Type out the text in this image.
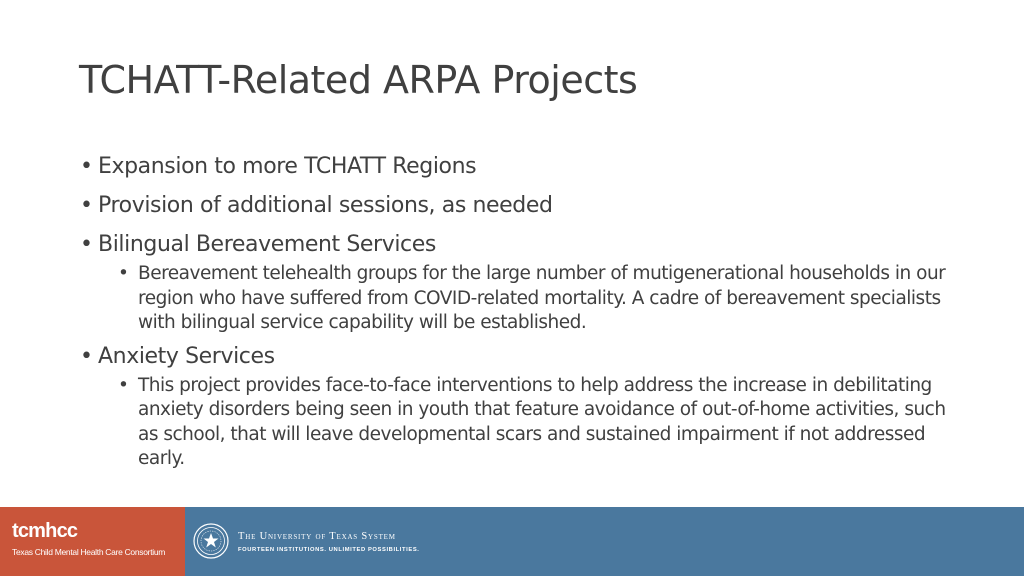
TCHATT-Related ARPA Projects
• Expansion to more TCHATT Regions
• Provision of additional sessions, as needed
• Bilingual Bereavement Services
• Bereavement telehealth groups for the large number of mutigenerational households in our region who have suffered from COVID-related mortality. A cadre of bereavement specialists with bilingual service capability will be established.
• Anxiety Services
• This project provides face-to-face interventions to help address the increase in debilitating anxiety disorders being seen in youth that feature avoidance of out-of-home activities, such as school, that will leave developmental scars and sustained impairment if not addressed early.
tcmhcc
Texas Child Mental Health Care Consortium
The University of Texas System
FOURTEEN INSTITUTIONS. UNLIMITED POSSIBILITIES.
